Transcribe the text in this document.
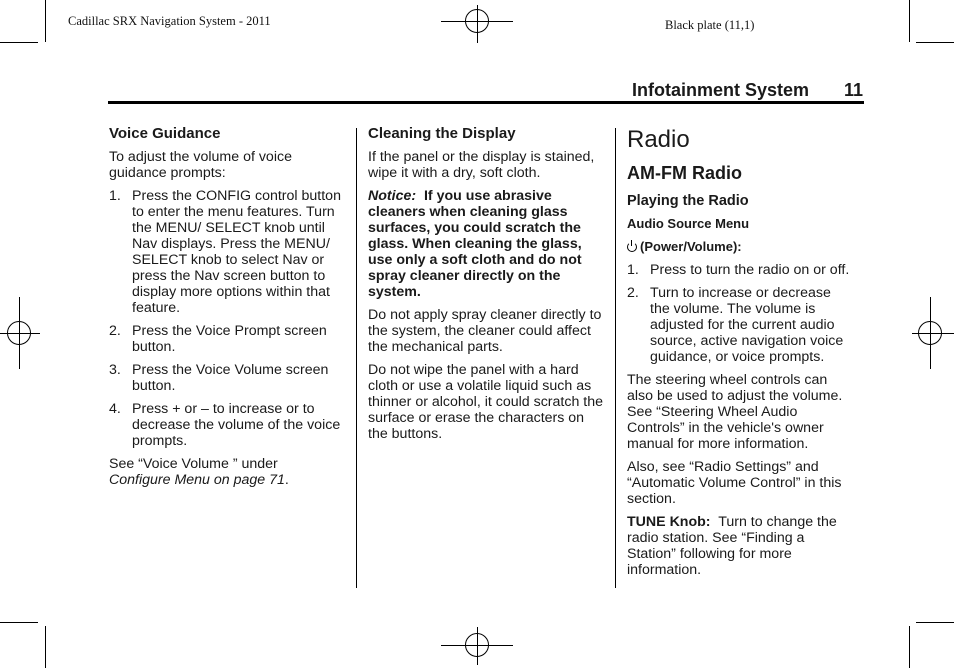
Cadillac SRX Navigation System - 2011	Black plate (11,1)
Infotainment System 11
Voice Guidance

To adjust the volume of voice guidance prompts:

1. Press the CONFIG control button to enter the menu features. Turn the MENU/ SELECT knob until Nav displays. Press the MENU/ SELECT knob to select Nav or press the Nav screen button to display more options within that feature.
2. Press the Voice Prompt screen button.
3. Press the Voice Volume screen button.
4. Press + or – to increase or to decrease the volume of the voice prompts.

See “Voice Volume ” under
Configure Menu on page 71.

Cleaning the Display

If the panel or the display is stained, wipe it with a dry, soft cloth.

Notice: If you use abrasive cleaners when cleaning glass surfaces, you could scratch the glass. When cleaning the glass, use only a soft cloth and do not spray cleaner directly on the system.

Do not apply spray cleaner directly to the system, the cleaner could affect the mechanical parts.

Do not wipe the panel with a hard cloth or use a volatile liquid such as thinner or alcohol, it could scratch the surface or erase the characters on the buttons.

Radio
AM-FM Radio
Playing the Radio
Audio Source Menu
(Power/Volume):
1. Press to turn the radio on or off.
2. Turn to increase or decrease the volume. The volume is adjusted for the current audio source, active navigation voice guidance, or voice prompts.

The steering wheel controls can also be used to adjust the volume. See “Steering Wheel Audio Controls” in the vehicle's owner manual for more information.

Also, see “Radio Settings” and “Automatic Volume Control” in this section.

TUNE Knob: Turn to change the radio station. See “Finding a Station” following for more information.
